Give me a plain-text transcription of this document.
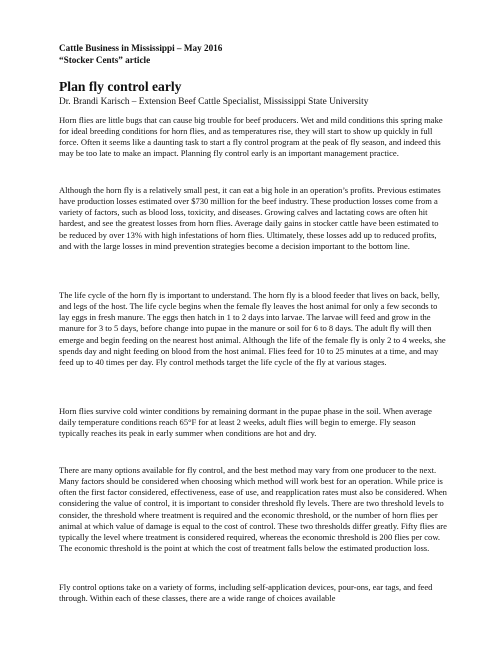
Cattle Business in Mississippi – May 2016
“Stocker Cents” article
Plan fly control early
Dr. Brandi Karisch – Extension Beef Cattle Specialist, Mississippi State University

Horn flies are little bugs that can cause big trouble for beef producers. Wet and mild conditions this spring make for ideal breeding conditions for horn flies, and as temperatures rise, they will start to show up quickly in full force. Often it seems like a daunting task to start a fly control program at the peak of fly season, and indeed this may be too late to make an impact. Planning fly control early is an important management practice.

Although the horn fly is a relatively small pest, it can eat a big hole in an operation’s profits. Previous estimates have production losses estimated over $730 million for the beef industry. These production losses come from a variety of factors, such as blood loss, toxicity, and diseases. Growing calves and lactating cows are often hit hardest, and see the greatest losses from horn flies. Average daily gains in stocker cattle have been estimated to be reduced by over 13% with high infestations of horn flies. Ultimately, these losses add up to reduced profits, and with the large losses in mind prevention strategies become a decision important to the bottom line.

The life cycle of the horn fly is important to understand. The horn fly is a blood feeder that lives on back, belly, and legs of the host. The life cycle begins when the female fly leaves the host animal for only a few seconds to lay eggs in fresh manure. The eggs then hatch in 1 to 2 days into larvae. The larvae will feed and grow in the manure for 3 to 5 days, before change into pupae in the manure or soil for 6 to 8 days. The adult fly will then emerge and begin feeding on the nearest host animal. Although the life of the female fly is only 2 to 4 weeks, she spends day and night feeding on blood from the host animal. Flies feed for 10 to 25 minutes at a time, and may feed up to 40 times per day. Fly control methods target the life cycle of the fly at various stages.

Horn flies survive cold winter conditions by remaining dormant in the pupae phase in the soil. When average daily temperature conditions reach 65°F for at least 2 weeks, adult flies will begin to emerge. Fly season typically reaches its peak in early summer when conditions are hot and dry.

There are many options available for fly control, and the best method may vary from one producer to the next. Many factors should be considered when choosing which method will work best for an operation. While price is often the first factor considered, effectiveness, ease of use, and reapplication rates must also be considered. When considering the value of control, it is important to consider threshold fly levels. There are two threshold levels to consider, the threshold where treatment is required and the economic threshold, or the number of horn flies per animal at which value of damage is equal to the cost of control. These two thresholds differ greatly. Fifty flies are typically the level where treatment is considered required, whereas the economic threshold is 200 flies per cow. The economic threshold is the point at which the cost of treatment falls below the estimated production loss.

Fly control options take on a variety of forms, including self-application devices, pour-ons, ear tags, and feed through. Within each of these classes, there are a wide range of choices available
